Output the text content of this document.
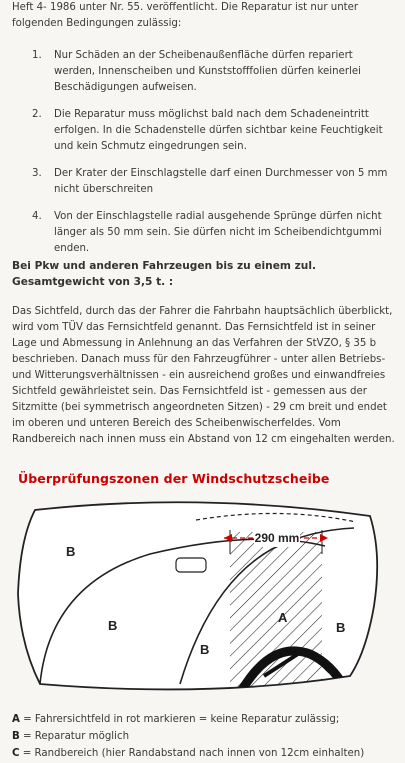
Heft 4- 1986 unter Nr. 55. veröffentlicht. Die Reparatur ist nur unter folgenden Bedingungen zulässig:

1. Nur Schäden an der Scheibenaußenfläche dürfen repariert werden, Innenscheiben und Kunststofffolien dürfen keinerlei Beschädigungen aufweisen.
2. Die Reparatur muss möglichst bald nach dem Schadeneintritt erfolgen. In die Schadenstelle dürfen sichtbar keine Feuchtigkeit und kein Schmutz eingedrungen sein.
3. Der Krater der Einschlagstelle darf einen Durchmesser von 5 mm nicht überschreiten
4. Von der Einschlagstelle radial ausgehende Sprünge dürfen nicht länger als 50 mm sein. Sie dürfen nicht im Scheibendichtgummi enden.

Bei Pkw und anderen Fahrzeugen bis zu einem zul. Gesamtgewicht von 3,5 t. :

Das Sichtfeld, durch das der Fahrer die Fahrbahn hauptsächlich überblickt, wird vom TÜV das Fernsichtfeld genannt. Das Fernsichtfeld ist in seiner Lage und Abmessung in Anlehnung an das Verfahren der StVZO, § 35 b beschrieben. Danach muss für den Fahrzeugführer - unter allen Betriebs- und Witterungsverhältnissen - ein ausreichend großes und einwandfreies Sichtfeld gewährleistet sein. Das Fernsichtfeld ist - gemessen aus der Sitzmitte (bei symmetrisch angeordneten Sitzen) - 29 cm breit und endet im oberen und unteren Bereich des Scheibenwischerfeldes. Vom Randbereich nach innen muss ein Abstand von 12 cm eingehalten werden.

Überprüfungszonen der Windschutzscheibe

290 mm
B
B
B
A
B
A = Fahrersichtfeld in rot markieren = keine Reparatur zulässig;
B = Reparatur möglich
C = Randbereich (hier Randabstand nach innen von 12cm einhalten)
